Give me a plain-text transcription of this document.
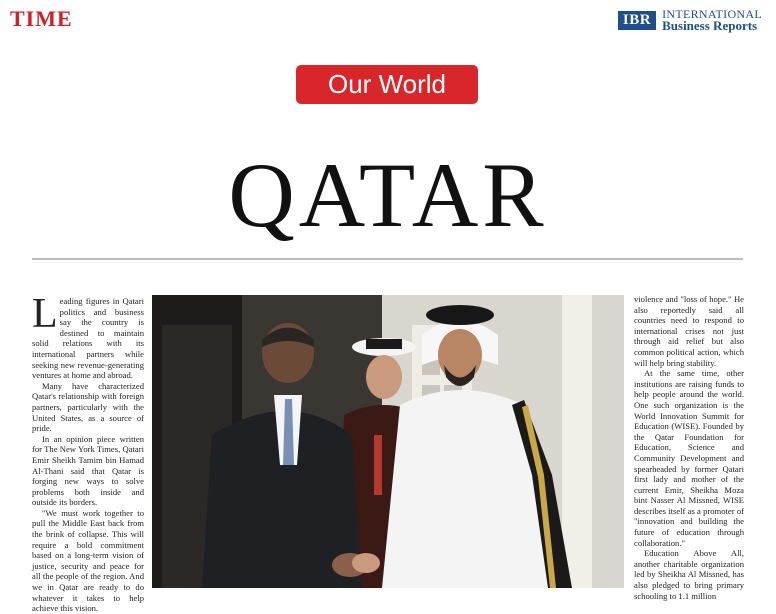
TIME	IBR INTERNATIONAL
Business Reports
Our World
QATAR

Leading figures in Qatari politics and business say the country is destined to maintain solid relations with its international partners while seeking new revenue-generating ventures at home and abroad.

Many have characterized Qatar's relationship with foreign partners, particularly with the United States, as a source of pride.

In an opinion piece written for The New York Times, Qatari Emir Sheikh Tamim bin Hamad Al-Thani said that Qatar is forging new ways to solve problems both inside and outside its borders.

"We must work together to pull the Middle East back from the brink of collapse. This will require a bold commitment based on a long-term vision of justice, security and peace for all the people of the region. And we in Qatar are ready to do whatever it takes to help achieve this vision.

violence and "loss of hope." He also reportedly said all countries need to respond to international crises not just through aid relief but also common political action, which will help bring stability.

At the same time, other institutions are raising funds to help people around the world. One such organization is the World Innovation Summit for Education (WISE). Founded by the Qatar Foundation for Education, Science and Community Development and spearheaded by former Qatari first lady and mother of the current Emir, Sheikha Moza bint Nasser Al Missned, WISE describes itself as a promoter of "innovation and building the future of education through collaboration."

Education Above All, another charitable organization led by Sheikha Al Missned, has also pledged to bring primary schooling to 1.1 million
